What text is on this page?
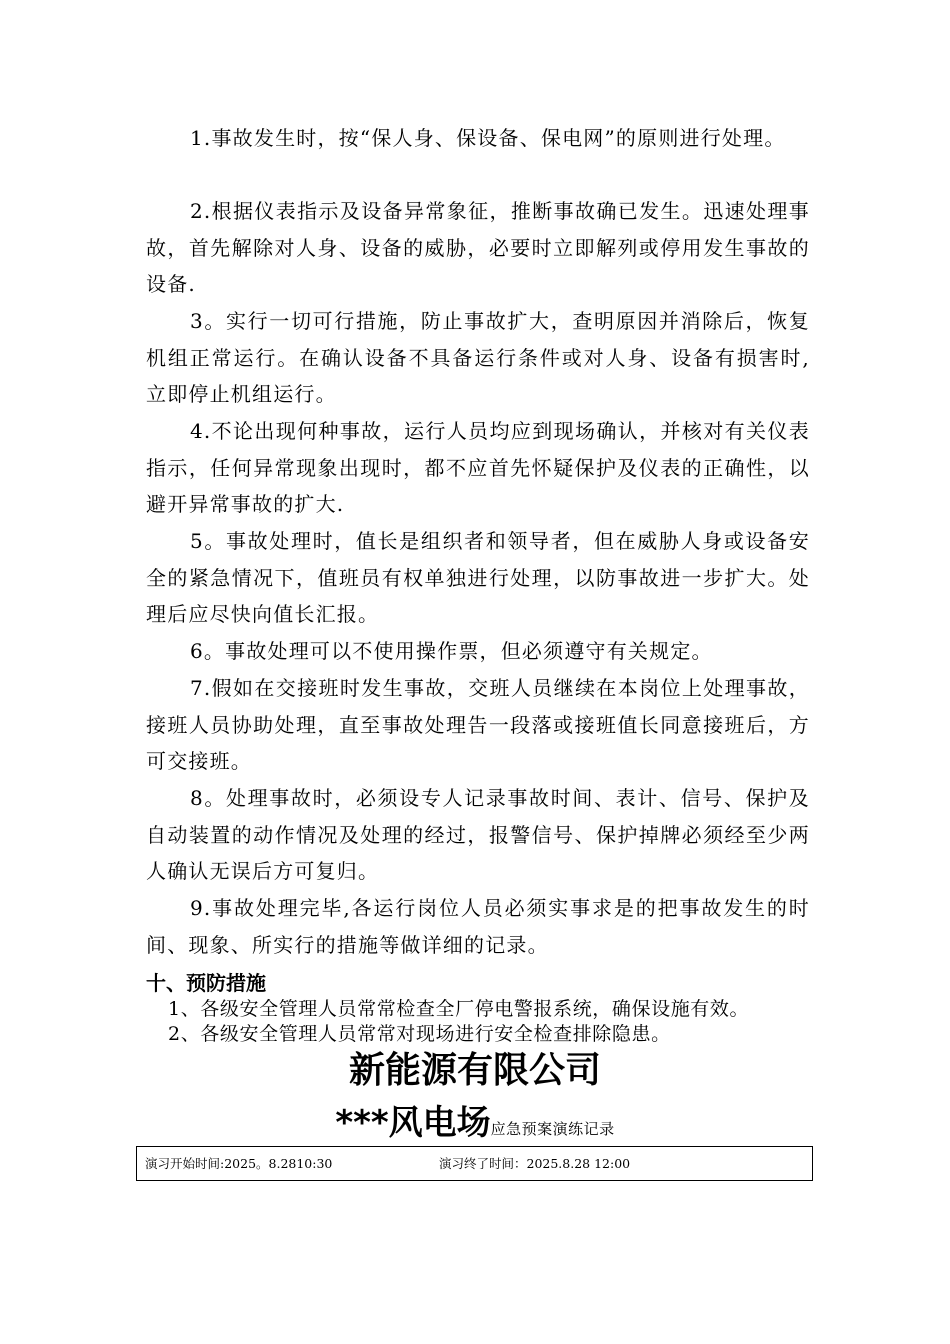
1.事故发生时，按“保人身、保设备、保电网”的原则进行处理。

2.根据仪表指示及设备异常象征，推断事故确已发生。迅速处理事故，首先解除对人身、设备的威胁，必要时立即解列或停用发生事故的设备.

3。实行一切可行措施，防止事故扩大，查明原因并消除后，恢复机组正常运行。在确认设备不具备运行条件或对人身、设备有损害时,立即停止机组运行。

4.不论出现何种事故，运行人员均应到现场确认，并核对有关仪表指示，任何异常现象出现时，都不应首先怀疑保护及仪表的正确性，以避开异常事故的扩大.

5。事故处理时，值长是组织者和领导者，但在威胁人身或设备安全的紧急情况下，值班员有权单独进行处理，以防事故进一步扩大。处理后应尽快向值长汇报。

6。事故处理可以不使用操作票，但必须遵守有关规定。

7.假如在交接班时发生事故，交班人员继续在本岗位上处理事故，接班人员协助处理，直至事故处理告一段落或接班值长同意接班后，方可交接班。

8。处理事故时，必须设专人记录事故时间、表计、信号、保护及自动装置的动作情况及处理的经过，报警信号、保护掉牌必须经至少两人确认无误后方可复归。

9.事故处理完毕,各运行岗位人员必须实事求是的把事故发生的时间、现象、所实行的措施等做详细的记录。

十、预防措施

1、各级安全管理人员常常检查全厂停电警报系统，确保设施有效。

2、各级安全管理人员常常对现场进行安全检查排除隐患。

新能源有限公司
***风电场应急预案演练记录
演习开始时间:2025。8.2810:30	演习终了时间：2025.8.28 12:00
